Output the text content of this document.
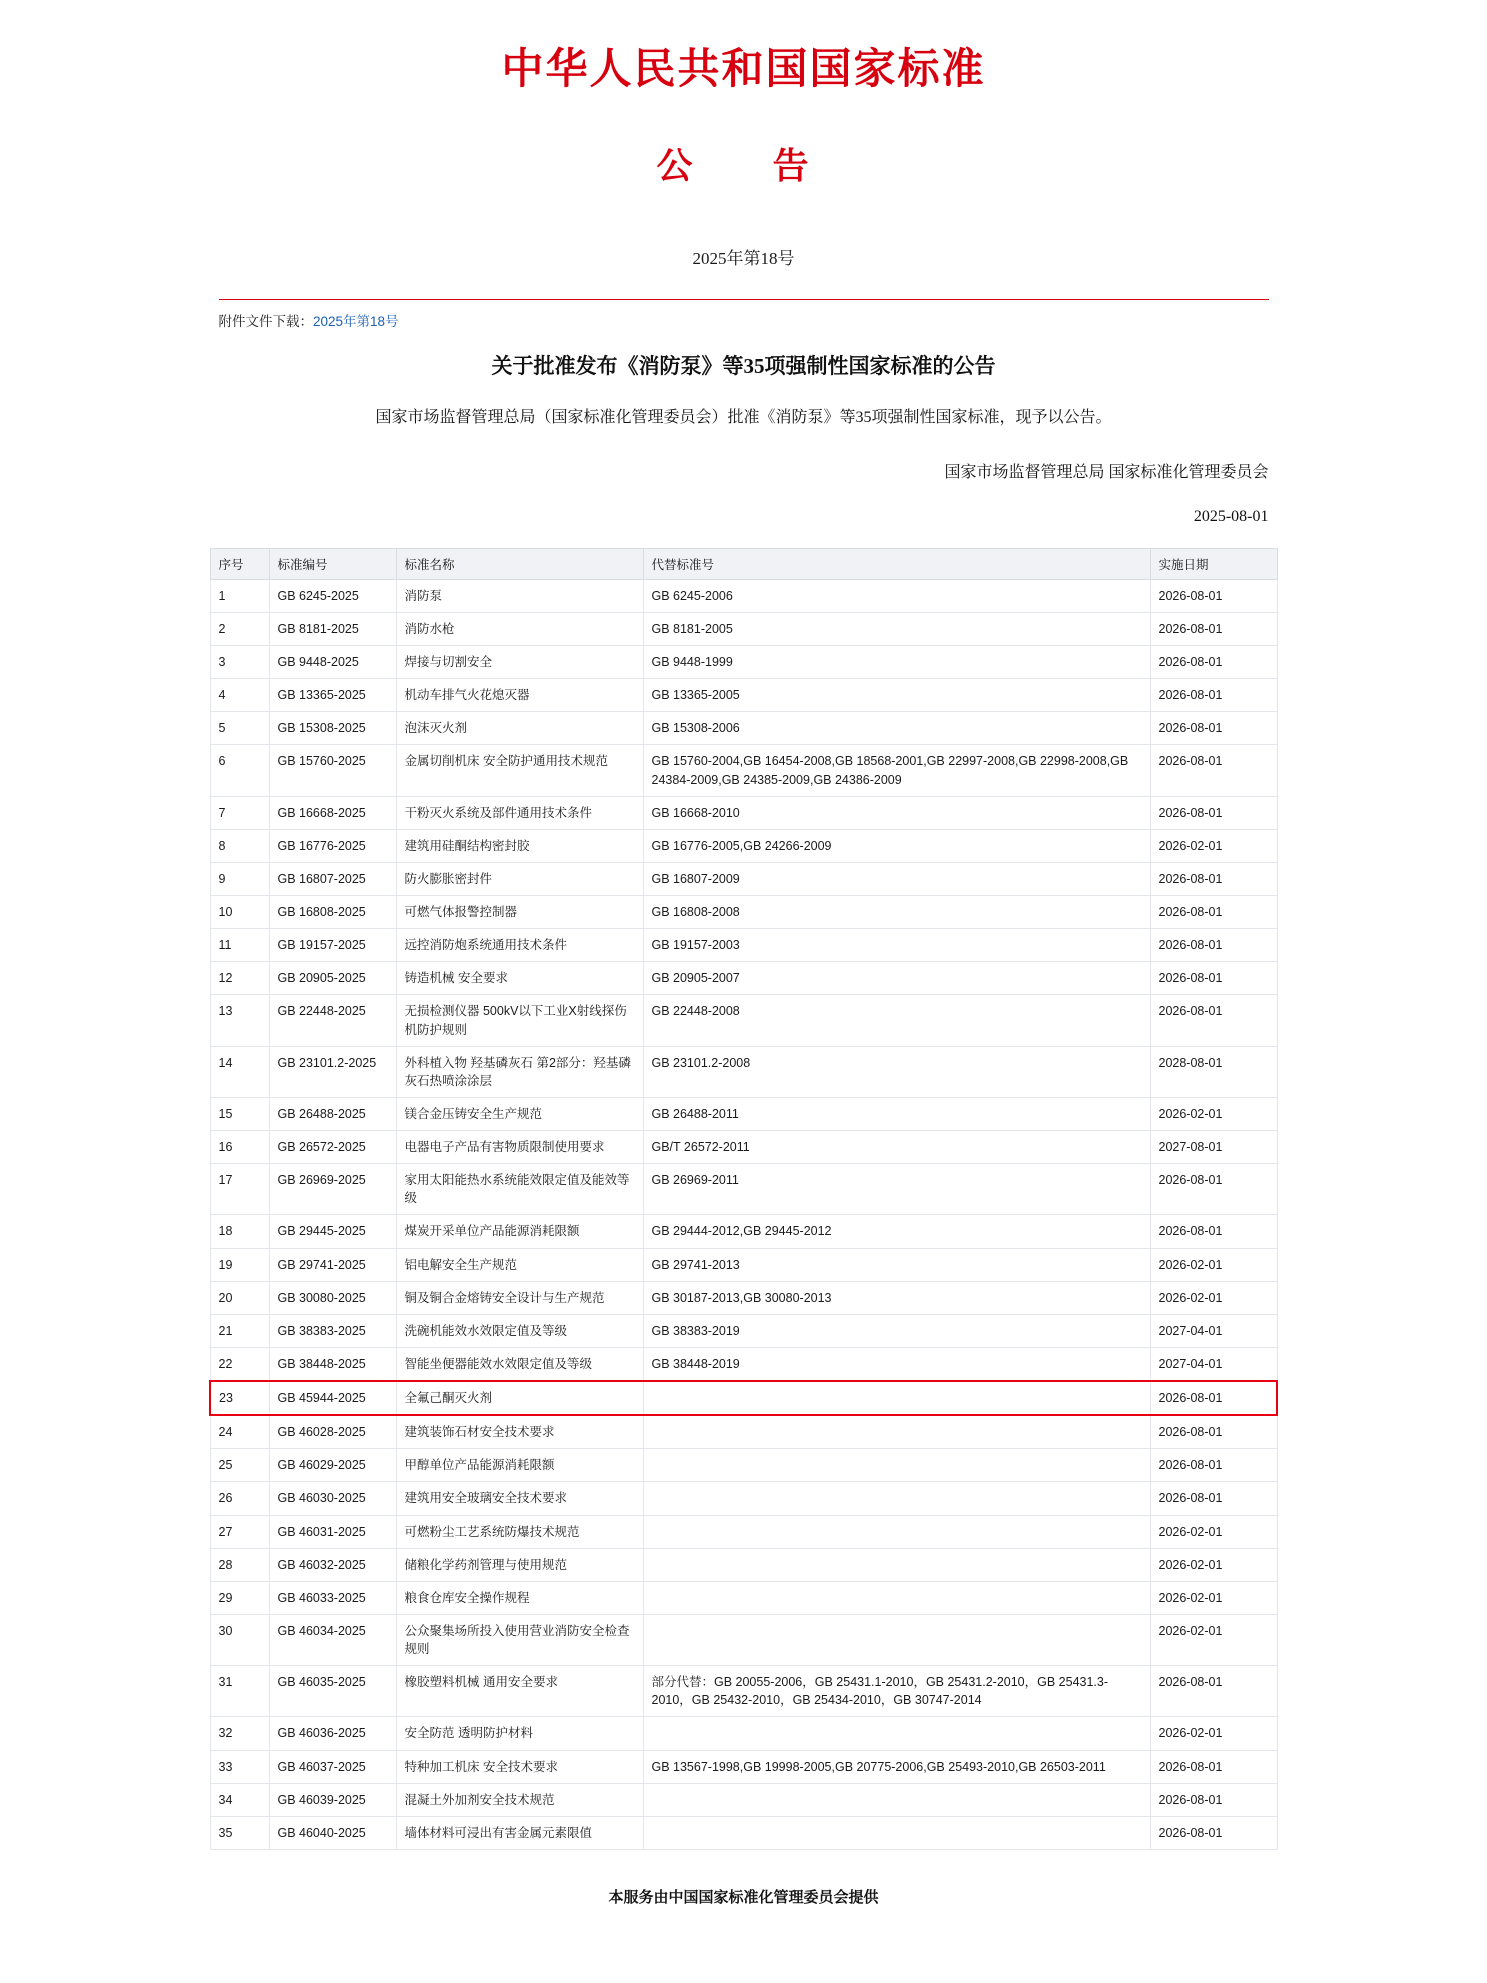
中华人民共和国国家标准
公　告
2025年第18号
附件文件下载：2025年第18号
关于批准发布《消防泵》等35项强制性国家标准的公告
国家市场监督管理总局（国家标准化管理委员会）批准《消防泵》等35项强制性国家标准，现予以公告。
国家市场监督管理总局 国家标准化管理委员会
2025-08-01
序号	标准编号	标准名称	代替标准号	实施日期
1	GB 6245-2025	消防泵	GB 6245-2006	2026-08-01
2	GB 8181-2025	消防水枪	GB 8181-2005	2026-08-01
3	GB 9448-2025	焊接与切割安全	GB 9448-1999	2026-08-01
4	GB 13365-2025	机动车排气火花熄灭器	GB 13365-2005	2026-08-01
5	GB 15308-2025	泡沫灭火剂	GB 15308-2006	2026-08-01
6	GB 15760-2025	金属切削机床 安全防护通用技术规范	GB 15760-2004,GB 16454-2008,GB 18568-2001,GB 22997-2008,GB 22998-2008,GB 24384-2009,GB 24385-2009,GB 24386-2009	2026-08-01
7	GB 16668-2025	干粉灭火系统及部件通用技术条件	GB 16668-2010	2026-08-01
8	GB 16776-2025	建筑用硅酮结构密封胶	GB 16776-2005,GB 24266-2009	2026-02-01
9	GB 16807-2025	防火膨胀密封件	GB 16807-2009	2026-08-01
10	GB 16808-2025	可燃气体报警控制器	GB 16808-2008	2026-08-01
11	GB 19157-2025	远控消防炮系统通用技术条件	GB 19157-2003	2026-08-01
12	GB 20905-2025	铸造机械 安全要求	GB 20905-2007	2026-08-01
13	GB 22448-2025	无损检测仪器 500kV以下工业X射线探伤机防护规则	GB 22448-2008	2026-08-01
14	GB 23101.2-2025	外科植入物 羟基磷灰石 第2部分：羟基磷灰石热喷涂涂层	GB 23101.2-2008	2028-08-01
15	GB 26488-2025	镁合金压铸安全生产规范	GB 26488-2011	2026-02-01
16	GB 26572-2025	电器电子产品有害物质限制使用要求	GB/T 26572-2011	2027-08-01
17	GB 26969-2025	家用太阳能热水系统能效限定值及能效等级	GB 26969-2011	2026-08-01
18	GB 29445-2025	煤炭开采单位产品能源消耗限额	GB 29444-2012,GB 29445-2012	2026-08-01
19	GB 29741-2025	铝电解安全生产规范	GB 29741-2013	2026-02-01
20	GB 30080-2025	铜及铜合金熔铸安全设计与生产规范	GB 30187-2013,GB 30080-2013	2026-02-01
21	GB 38383-2025	洗碗机能效水效限定值及等级	GB 38383-2019	2027-04-01
22	GB 38448-2025	智能坐便器能效水效限定值及等级	GB 38448-2019	2027-04-01
23	GB 45944-2025	全氟己酮灭火剂		2026-08-01
24	GB 46028-2025	建筑装饰石材安全技术要求		2026-08-01
25	GB 46029-2025	甲醇单位产品能源消耗限额		2026-08-01
26	GB 46030-2025	建筑用安全玻璃安全技术要求		2026-08-01
27	GB 46031-2025	可燃粉尘工艺系统防爆技术规范		2026-02-01
28	GB 46032-2025	储粮化学药剂管理与使用规范		2026-02-01
29	GB 46033-2025	粮食仓库安全操作规程		2026-02-01
30	GB 46034-2025	公众聚集场所投入使用营业消防安全检查规则		2026-02-01
31	GB 46035-2025	橡胶塑料机械 通用安全要求	部分代替：GB 20055-2006，GB 25431.1-2010，GB 25431.2-2010，GB 25431.3-2010，GB 25432-2010，GB 25434-2010，GB 30747-2014	2026-08-01
32	GB 46036-2025	安全防范 透明防护材料		2026-02-01
33	GB 46037-2025	特种加工机床 安全技术要求	GB 13567-1998,GB 19998-2005,GB 20775-2006,GB 25493-2010,GB 26503-2011	2026-08-01
34	GB 46039-2025	混凝土外加剂安全技术规范		2026-08-01
35	GB 46040-2025	墙体材料可浸出有害金属元素限值		2026-08-01
本服务由中国国家标准化管理委员会提供
